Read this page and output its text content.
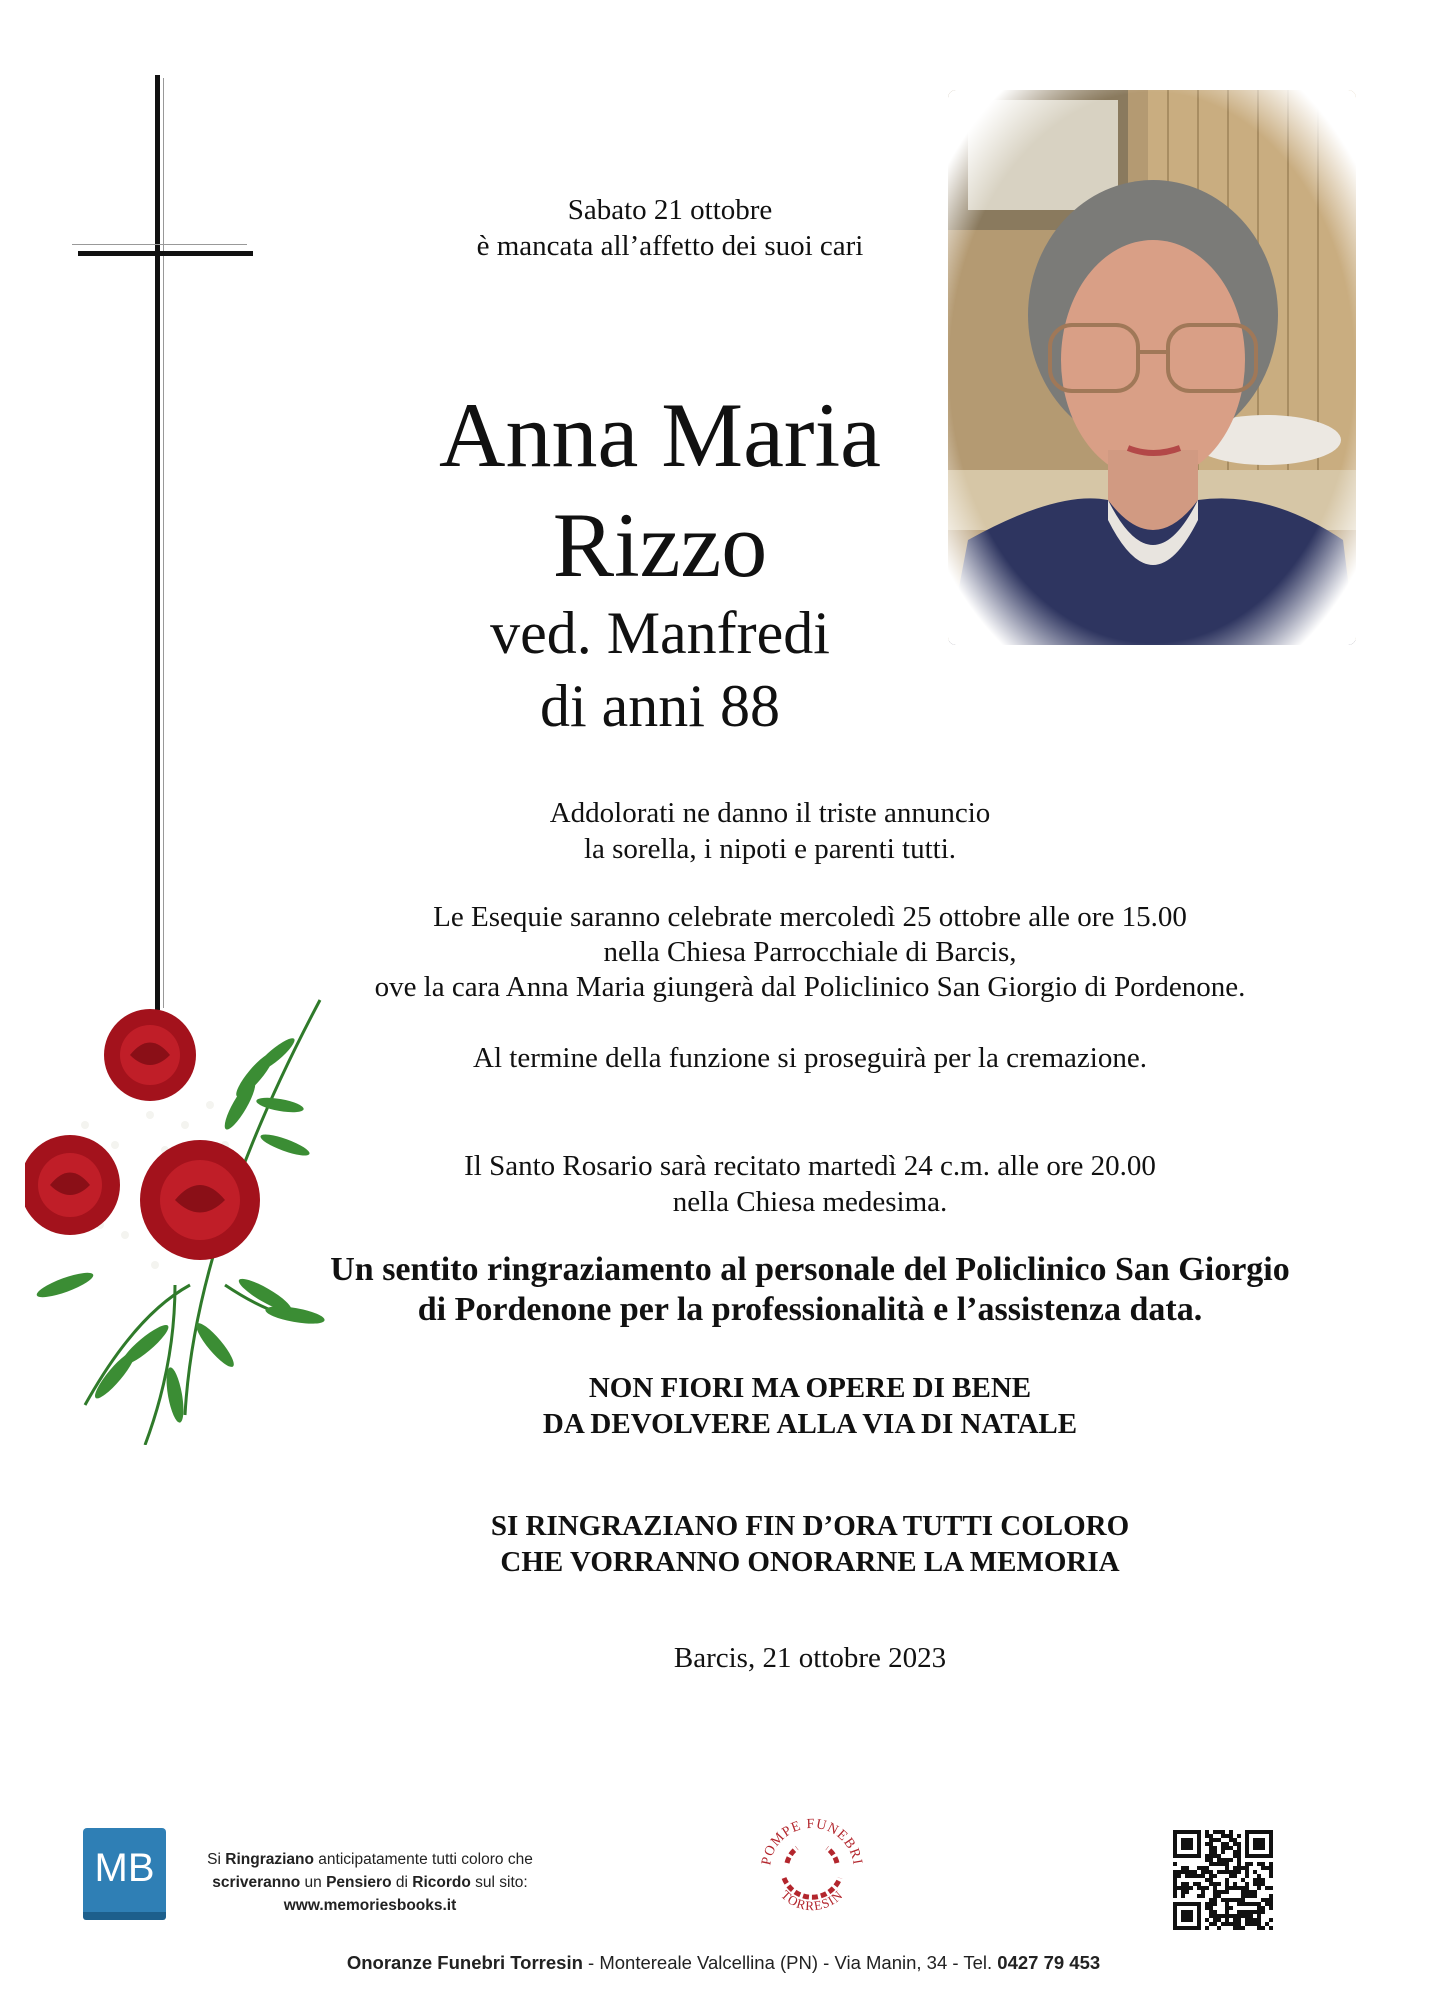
Sabato 21 ottobre
è mancata all’affetto dei suoi cari
Anna Maria
Rizzo
ved. Manfredi
di anni 88
Addolorati ne danno il triste annuncio
la sorella, i nipoti e parenti tutti.
Le Esequie saranno celebrate mercoledì 25 ottobre alle ore 15.00
nella Chiesa Parrocchiale di Barcis,
ove la cara Anna Maria giungerà dal Policlinico San Giorgio di Pordenone.
Al termine della funzione si proseguirà per la cremazione.
Il Santo Rosario sarà recitato martedì 24 c.m. alle ore 20.00
nella Chiesa medesima.
Un sentito ringraziamento al personale del Policlinico San Giorgio
di Pordenone per la professionalità e l’assistenza data.
NON FIORI MA OPERE DI BENE
DA DEVOLVERE ALLA VIA DI NATALE
SI RINGRAZIANO FIN D’ORA TUTTI COLORO
CHE VORRANNO ONORARNE LA MEMORIA
Barcis, 21 ottobre 2023
MB	Si Ringraziano anticipatamente tutti coloro che
scriveranno un Pensiero di Ricordo sul sito:
www.memoriesbooks.it
POMPE FUNEBRI
TORRESIN
Onoranze Funebri Torresin - Montereale Valcellina (PN) - Via Manin, 34 - Tel. 0427 79 453
